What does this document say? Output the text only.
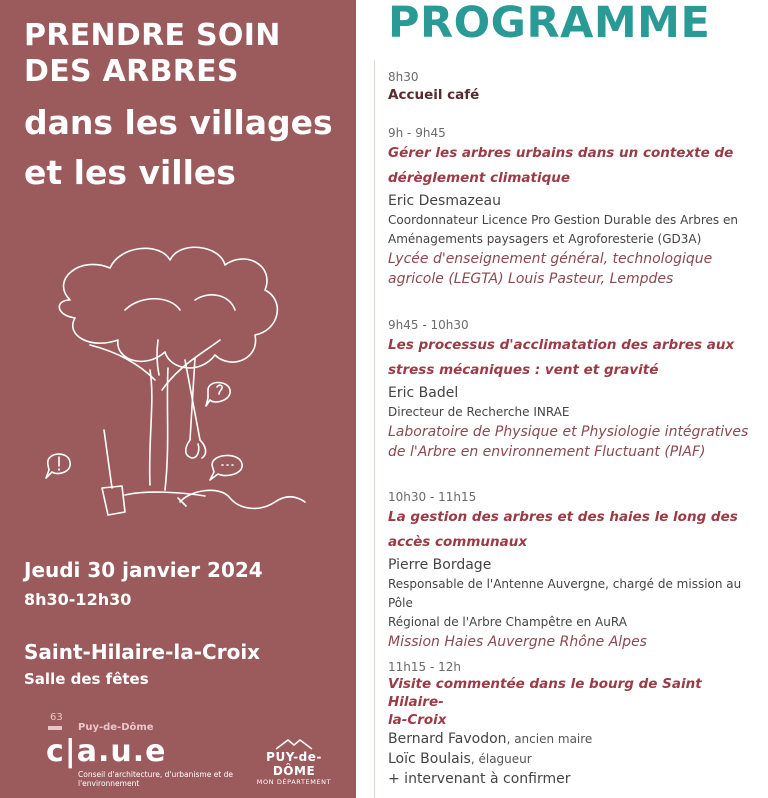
PRENDRE SOIN
DES ARBRES
dans les villages
et les villes
Jeudi 30 janvier 2024
8h30-12h30
Saint-Hilaire-la-Croix
Salle des fêtes
63
Puy-de-Dôme
c|a.u.e
Conseil d'architecture, d'urbanisme et de l'environnement
PUY-de-DÔME
MON DÉPARTEMENT
PROGRAMME
8h30
Accueil café
9h - 9h45
Gérer les arbres urbains dans un contexte de
dérèglement climatique
Eric Desmazeau
Coordonnateur Licence Pro Gestion Durable des Arbres en
Aménagements paysagers et Agroforesterie (GD3A)
Lycée d'enseignement général, technologique
agricole (LEGTA) Louis Pasteur, Lempdes
9h45 - 10h30
Les processus d'acclimatation des arbres aux
stress mécaniques : vent et gravité
Eric Badel
Directeur de Recherche INRAE
Laboratoire de Physique et Physiologie intégratives
de l'Arbre en environnement Fluctuant (PIAF)
10h30 - 11h15
La gestion des arbres et des haies le long des
accès communaux
Pierre Bordage
Responsable de l'Antenne Auvergne, chargé de mission au Pôle
Régional de l'Arbre Champêtre en AuRA
Mission Haies Auvergne Rhône Alpes
11h15 - 12h
Visite commentée dans le bourg de Saint Hilaire-
la-Croix
Bernard Favodon, ancien maire
Loïc Boulais, élagueur
+ intervenant à confirmer
